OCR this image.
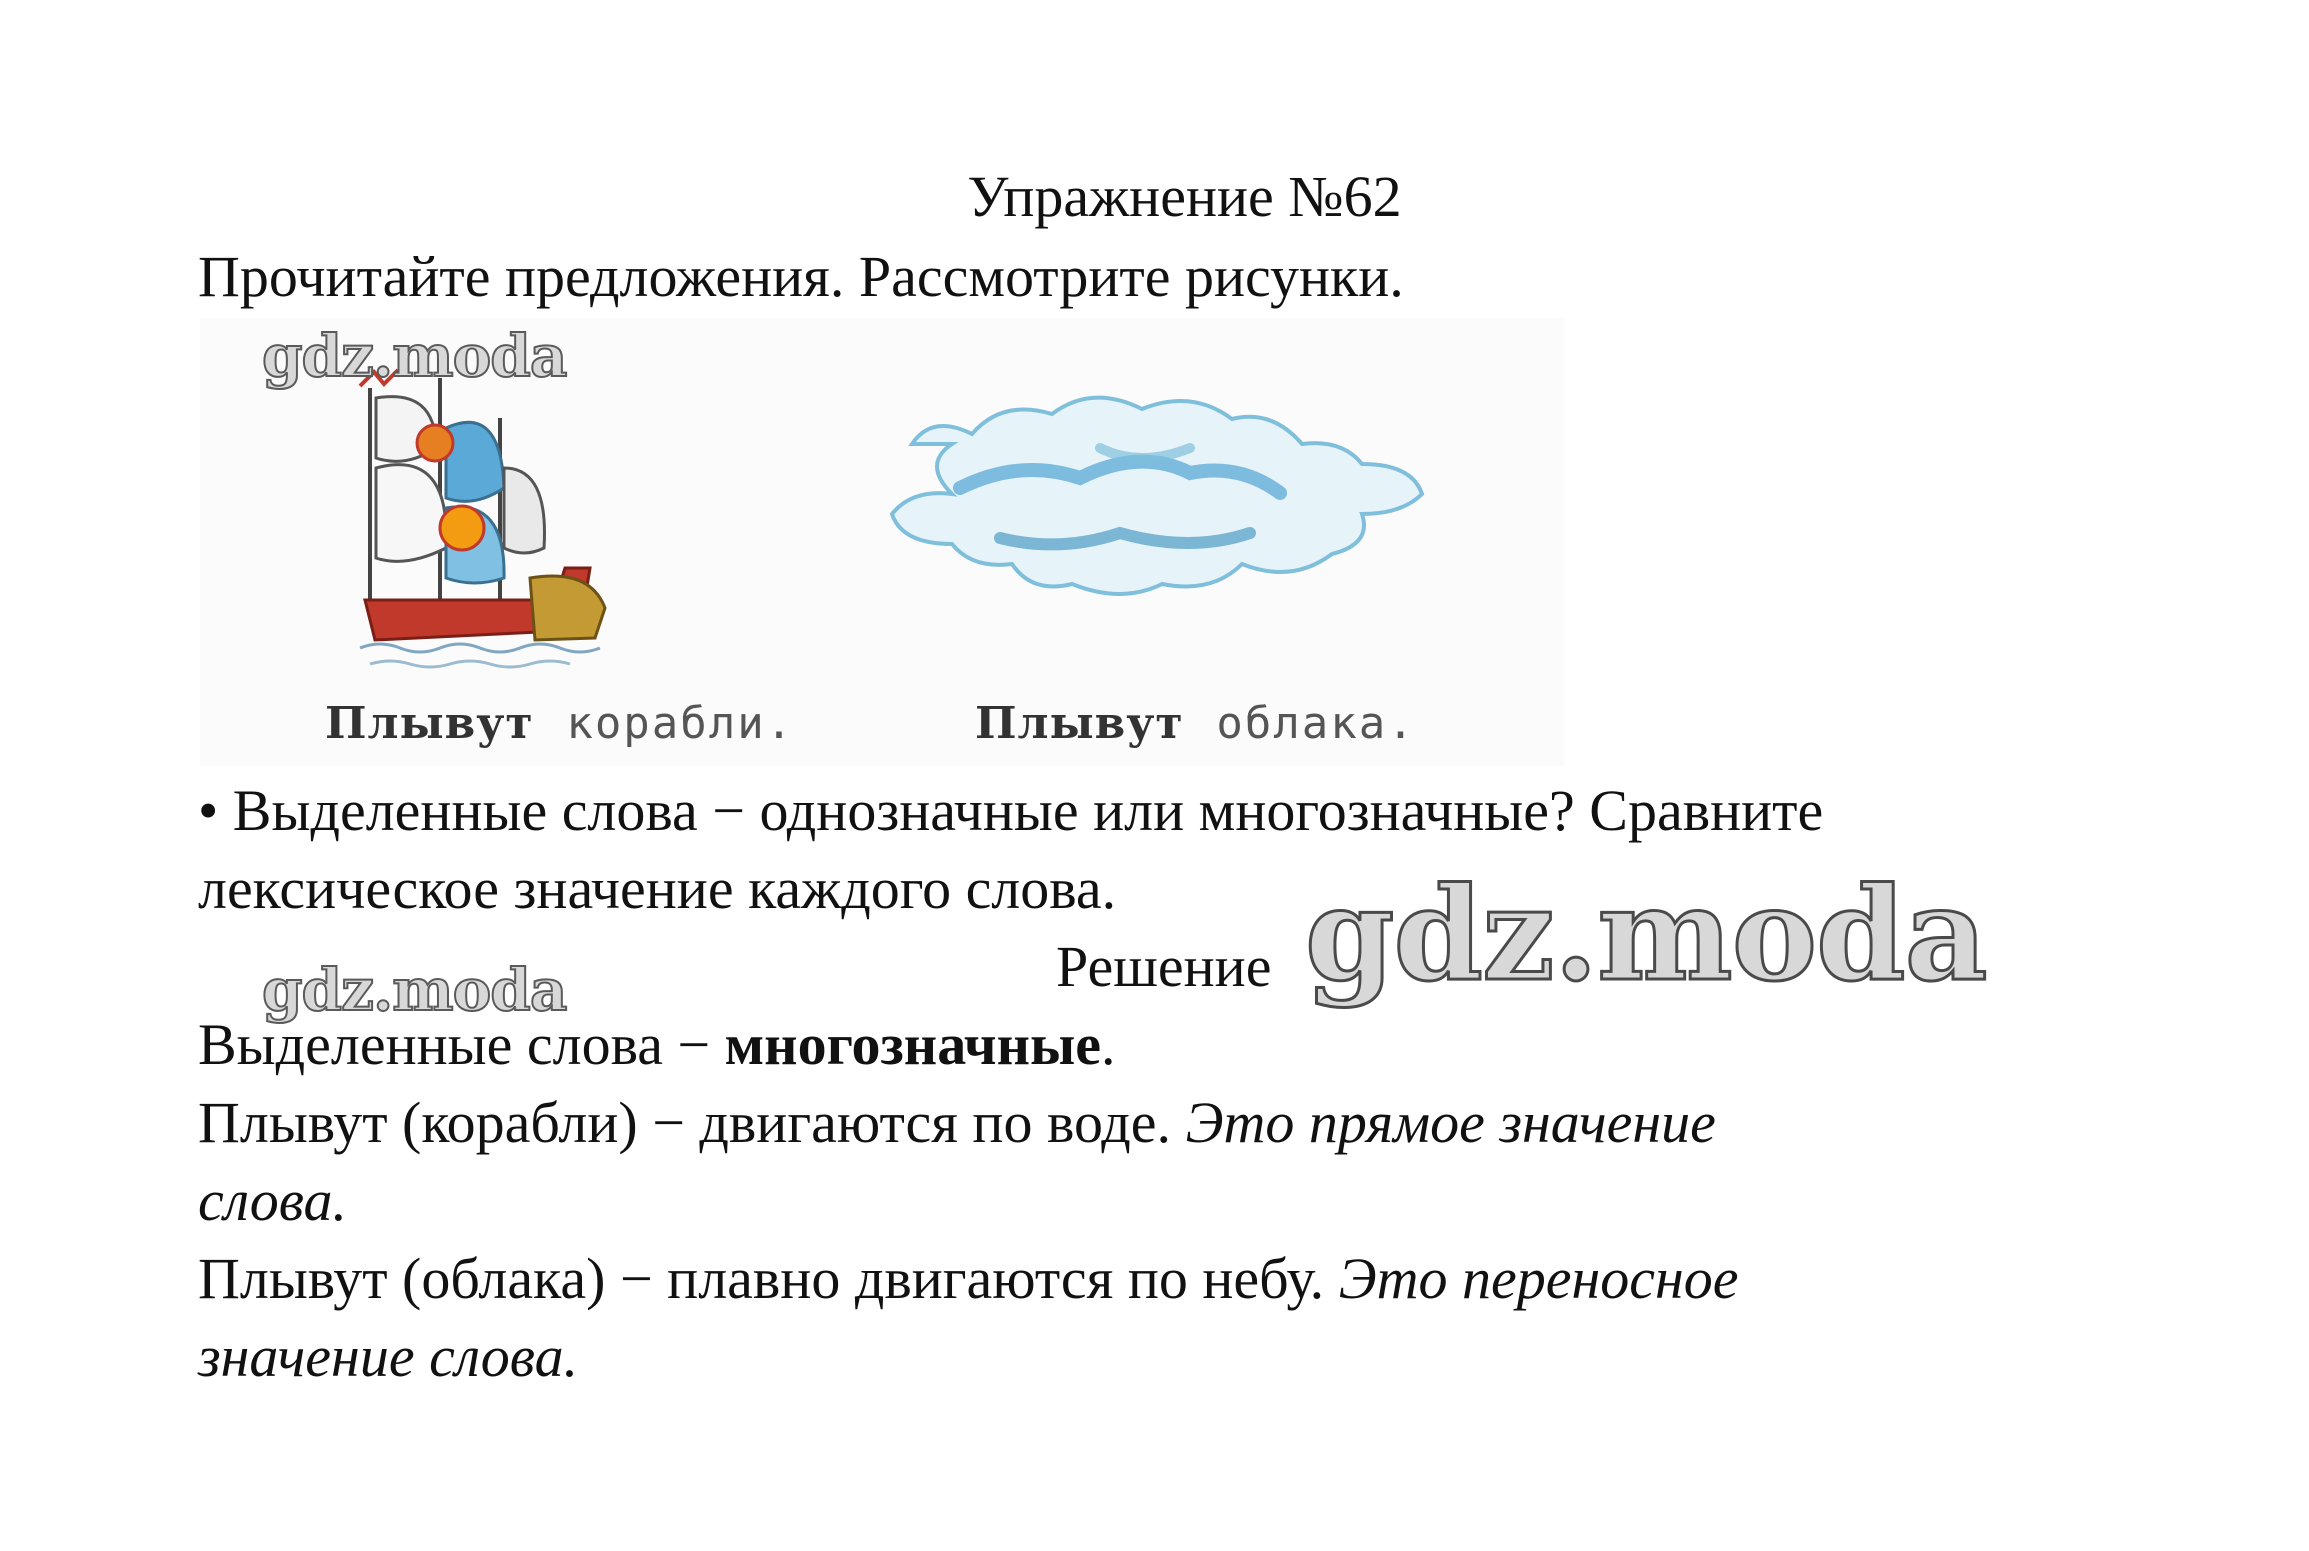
Упражнение №62
Прочитайте предложения. Рассмотрите рисунки.
Плывут корабли.	Плывут облака.
• Выделенные слова − однозначные или многозначные? Сравните
лексическое значение каждого слова.
Решение
Выделенные слова − многозначные.
Плывут (корабли) − двигаются по воде. Это прямое значение
слова.
Плывут (облака) − плавно двигаются по небу. Это переносное
значение слова.
gdz.moda
gdz.moda
gdz.moda
